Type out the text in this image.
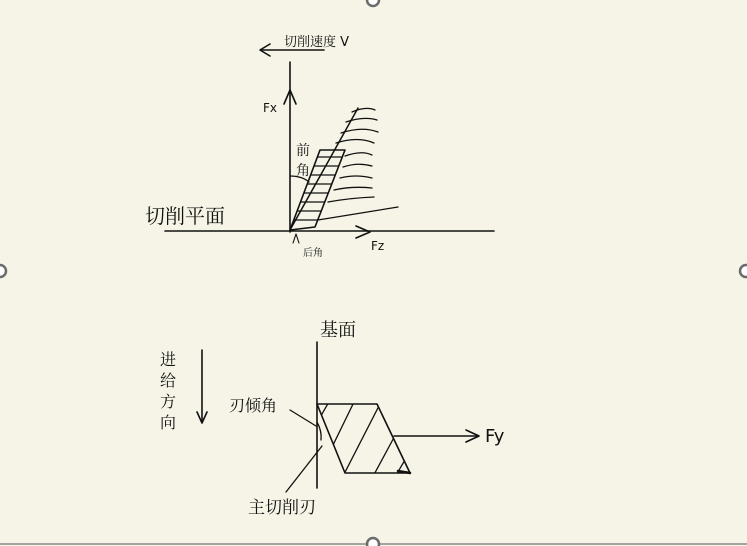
切削速度 V
Fx
Fz
前
角
切削平面
后角
基面
进
给
方
向
刃倾角
Fy
主切削刃
